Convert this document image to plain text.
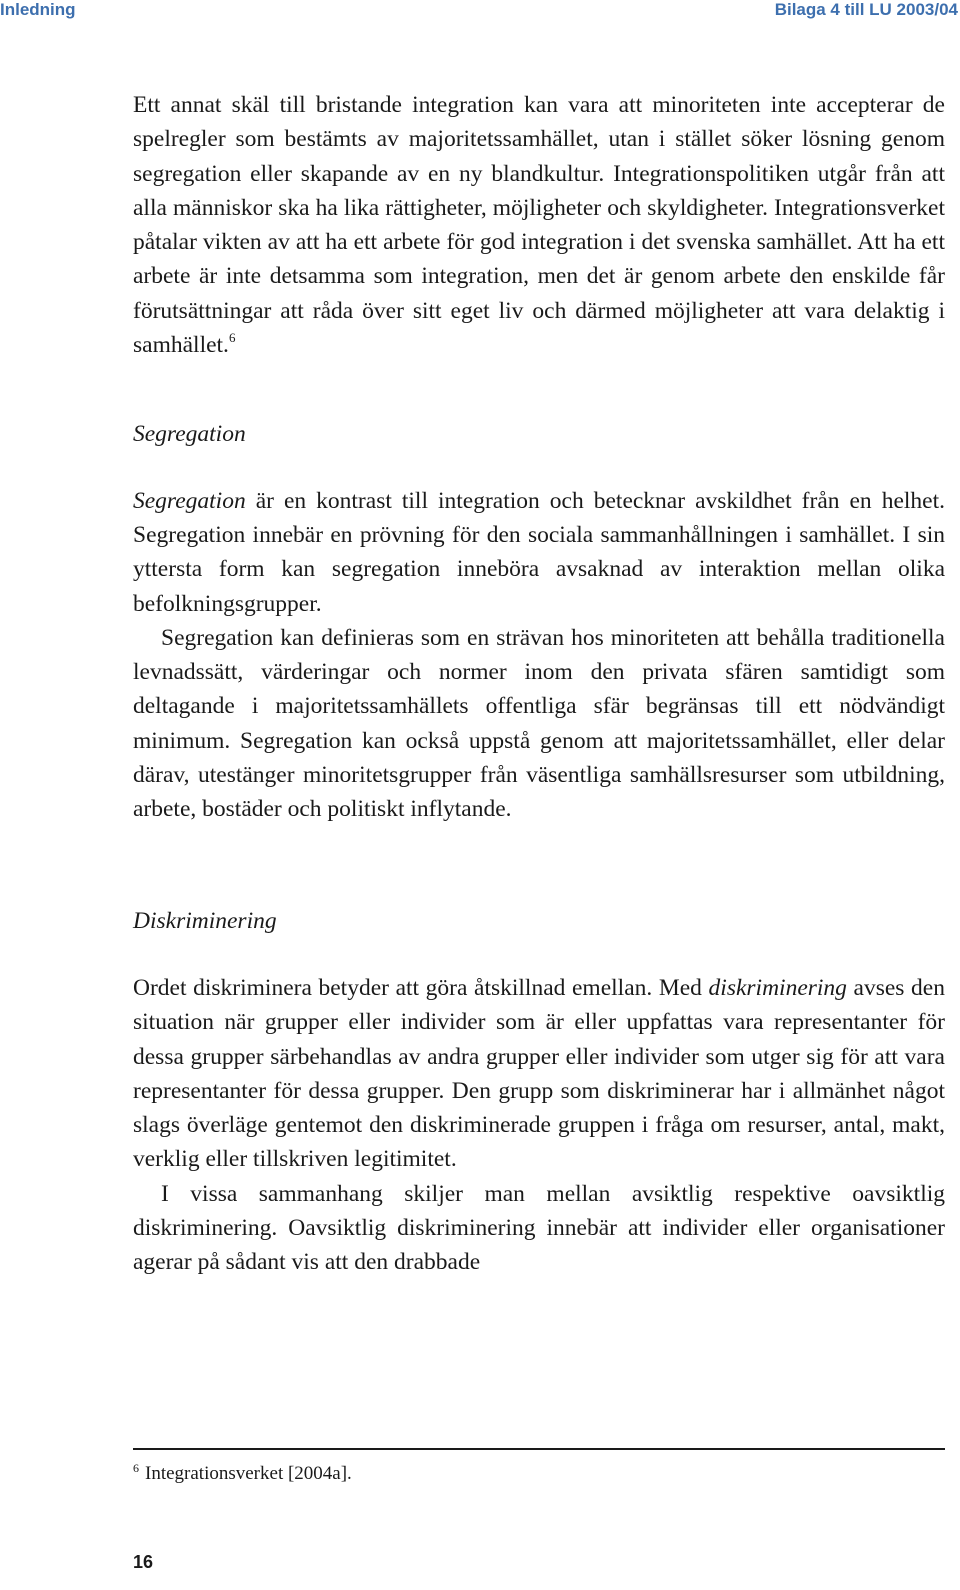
Inledning	Bilaga 4 till LU 2003/04

Ett annat skäl till bristande integration kan vara att minoriteten inte accepterar de spelregler som bestämts av majoritetssamhället, utan i stället söker lösning genom segregation eller skapande av en ny blandkultur. Integrationspolitiken utgår från att alla människor ska ha lika rättigheter, möjligheter och skyldigheter. Integrationsverket påtalar vikten av att ha ett arbete för god integration i det svenska samhället. Att ha ett arbete är inte detsamma som integration, men det är genom arbete den enskilde får förutsättningar att råda över sitt eget liv och därmed möjligheter att vara delaktig i samhället.$^6$

Segregation

Segregation är en kontrast till integration och betecknar avskildhet från en helhet. Segregation innebär en prövning för den sociala sammanhållningen i samhället. I sin yttersta form kan segregation inneböra avsaknad av interaktion mellan olika befolkningsgrupper.

Segregation kan definieras som en strävan hos minoriteten att behålla traditionella levnadssätt, värderingar och normer inom den privata sfären samtidigt som deltagande i majoritetssamhällets offentliga sfär begränsas till ett nödvändigt minimum. Segregation kan också uppstå genom att majoritetssamhället, eller delar därav, utestänger minoritetsgrupper från väsentliga samhällsresurser som utbildning, arbete, bostäder och politiskt inflytande.

Diskriminering

Ordet diskriminera betyder att göra åtskillnad emellan. Med diskriminering avses den situation när grupper eller individer som är eller uppfattas vara representanter för dessa grupper särbehandlas av andra grupper eller individer som utger sig för att vara representanter för dessa grupper. Den grupp som diskriminerar har i allmänhet något slags överläge gentemot den diskriminerade gruppen i fråga om resurser, antal, makt, verklig eller tillskriven legitimitet.

I vissa sammanhang skiljer man mellan avsiktlig respektive oavsiktlig diskriminering. Oavsiktlig diskriminering innebär att individer eller organisationer agerar på sådant vis att den drabbade

$^6$ Integrationsverket [2004a].
16
